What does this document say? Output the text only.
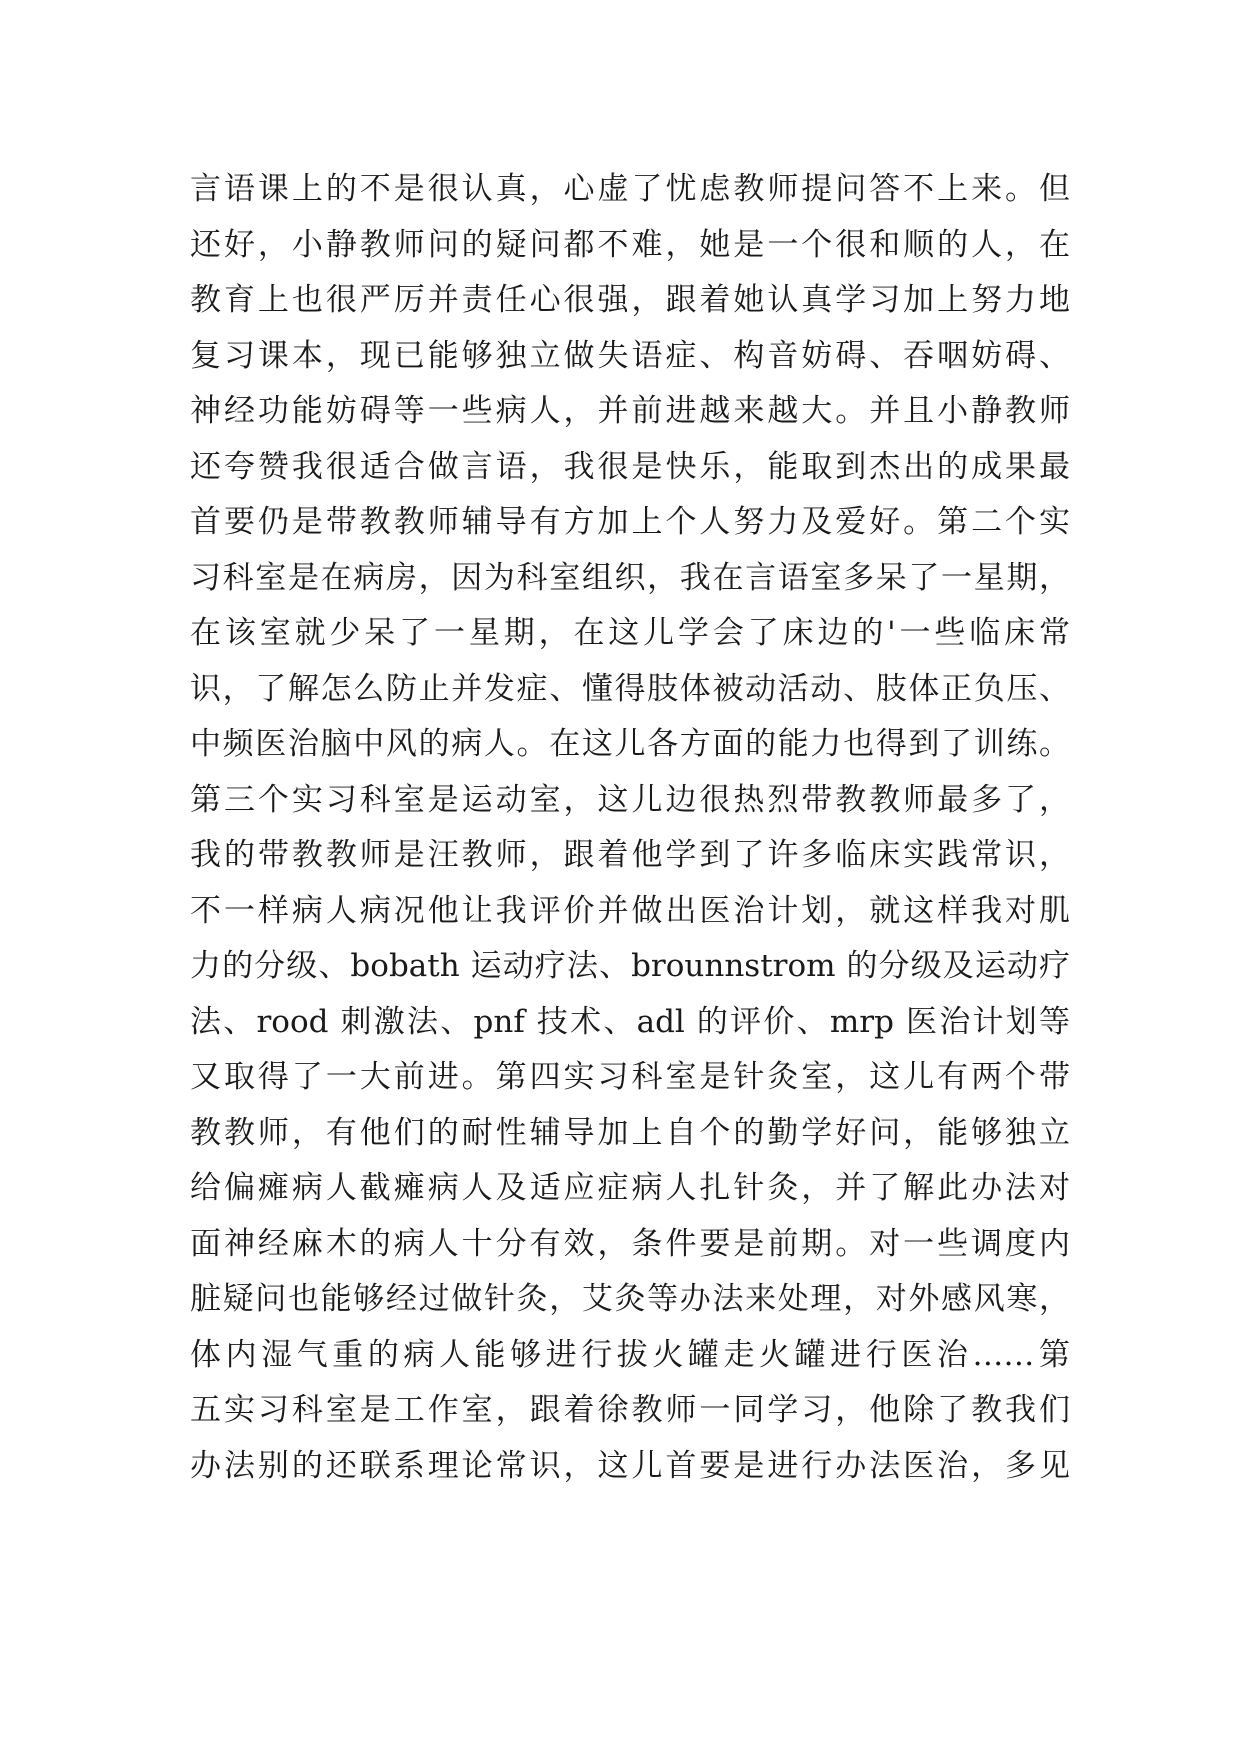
言语课上的不是很认真，心虚了忧虑教师提问答不上来。但
还好，小静教师问的疑问都不难，她是一个很和顺的人，在
教育上也很严厉并责任心很强，跟着她认真学习加上努力地
复习课本，现已能够独立做失语症、构音妨碍、吞咽妨碍、
神经功能妨碍等一些病人，并前进越来越大。并且小静教师
还夸赞我很适合做言语，我很是快乐，能取到杰出的成果最
首要仍是带教教师辅导有方加上个人努力及爱好。第二个实
习科室是在病房，因为科室组织，我在言语室多呆了一星期，
在该室就少呆了一星期，在这儿学会了床边的'一些临床常
识，了解怎么防止并发症、懂得肢体被动活动、肢体正负压、
中频医治脑中风的病人。在这儿各方面的能力也得到了训练。
第三个实习科室是运动室，这儿边很热烈带教教师最多了，
我的带教教师是汪教师，跟着他学到了许多临床实践常识，
不一样病人病况他让我评价并做出医治计划，就这样我对肌
力的分级、bobath 运动疗法、brounnstrom 的分级及运动疗
法、rood 刺激法、pnf 技术、adl 的评价、mrp 医治计划等
又取得了一大前进。第四实习科室是针灸室，这儿有两个带
教教师，有他们的耐性辅导加上自个的勤学好问，能够独立
给偏瘫病人截瘫病人及适应症病人扎针灸，并了解此办法对
面神经麻木的病人十分有效，条件要是前期。对一些调度内
脏疑问也能够经过做针灸，艾灸等办法来处理，对外感风寒，
体内湿气重的病人能够进行拔火罐走火罐进行医治……第
五实习科室是工作室，跟着徐教师一同学习，他除了教我们
办法别的还联系理论常识，这儿首要是进行办法医治，多见
